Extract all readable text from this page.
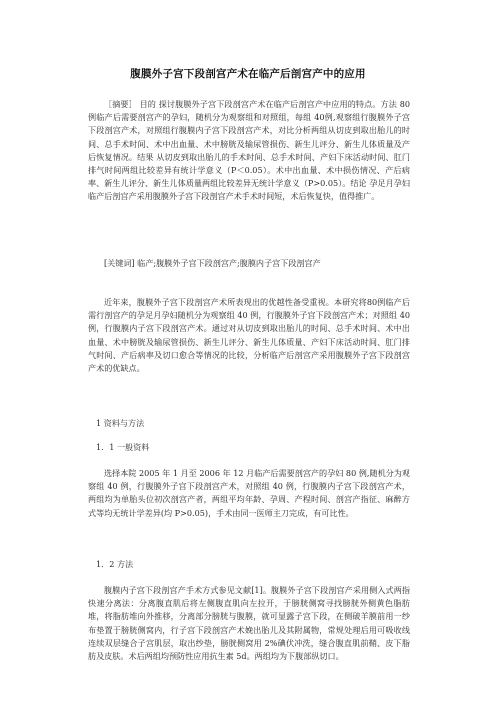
腹膜外子宫下段剖宫产术在临产后剖宫产中的应用

［摘要］ 目的 探讨腹膜外子宫下段剖宫产术在临产后剖宫产中应用的特点。方法 80 例临产后需要剖宫产的孕妇，随机分为观察组和对照组，每组 40例,观察组行腹膜外子宫下段剖宫产术，对照组行腹膜内子宫下段剖宫产术，对比分析两组从切皮到取出胎儿的时间、总手术时间、术中出血量、术中膀胱及输尿管损伤、新生儿评分、新生儿体质量及产后恢复情况。结果 从切皮到取出胎儿的手术时间、总手术时间、产妇下床活动时间、肛门排气时间两组比较差异有统计学意义（P＜0.05）。术中出血量、术中损伤情况、产后病率、新生儿评分、新生儿体质量两组比较差异无统计学意义（P>0.05）。结论 孕足月孕妇临产后剖宫产采用腹膜外子宫下段剖宫产术手术时间短，术后恢复快，值得推广。

[关键词] 临产;腹膜外子宫下段剖宫产;腹膜内子宫下段剖宫产

近年来，腹膜外子宫下段剖宫产术所表现出的优越性备受重视。本研究将80例临产后需行剖宫产的孕足月孕妇随机分为观察组 40 例，行腹膜外子宫下段剖宫产术；对照组 40 例，行腹膜内子宫下段剖宫产术。通过对从切皮到取出胎儿的时间、总手术时间、术中出血量、术中膀胱及输尿管损伤、新生儿评分、新生儿体质量、产妇下床活动时间、肛门排气时间、产后病率及切口愈合等情况的比较，分析临产后剖宫产采用腹膜外子宫下段剖宫产术的优缺点。

1 资料与方法
1．1 一般资料

选择本院 2005 年 1 月至 2006 年 12 月临产后需要剖宫产的孕妇 80 例,随机分为观察组 40 例，行腹膜外子宫下段剖宫产术，对照组 40 例，行腹膜内子宫下段剖宫产术，两组均为单胎头位初次剖宫产者，两组平均年龄、孕周、产程时间、剖宫产指征、麻醉方式等均无统计学差异(均 P>0.05)，手术由同一医师主刀完成，有可比性。

1．2 方法

腹膜内子宫下段剖宫产手术方式参见文献[1]。腹膜外子宫下段剖宫产采用侧入式两指快速分离法：分离腹直肌后将左侧腹直肌向左拉开，于膀胱侧窝寻找膀胱外侧黄色脂肪堆，将脂肪堆向外推移，分离部分膀胱与腹膜，就可显露子宫下段，在侧破羊膜前用一纱布垫置于膀胱侧窝内，行子宫下段剖宫产术娩出胎儿及其附属物，常规处理后用可吸收线连续双层缝合子宫肌层，取出纱垫，膀胱侧窝用 2%碘伏冲洗，缝合腹直肌前鞘、皮下脂肪及皮肤。术后两组均预防性应用抗生素 5d。两组均为下腹部纵切口。
